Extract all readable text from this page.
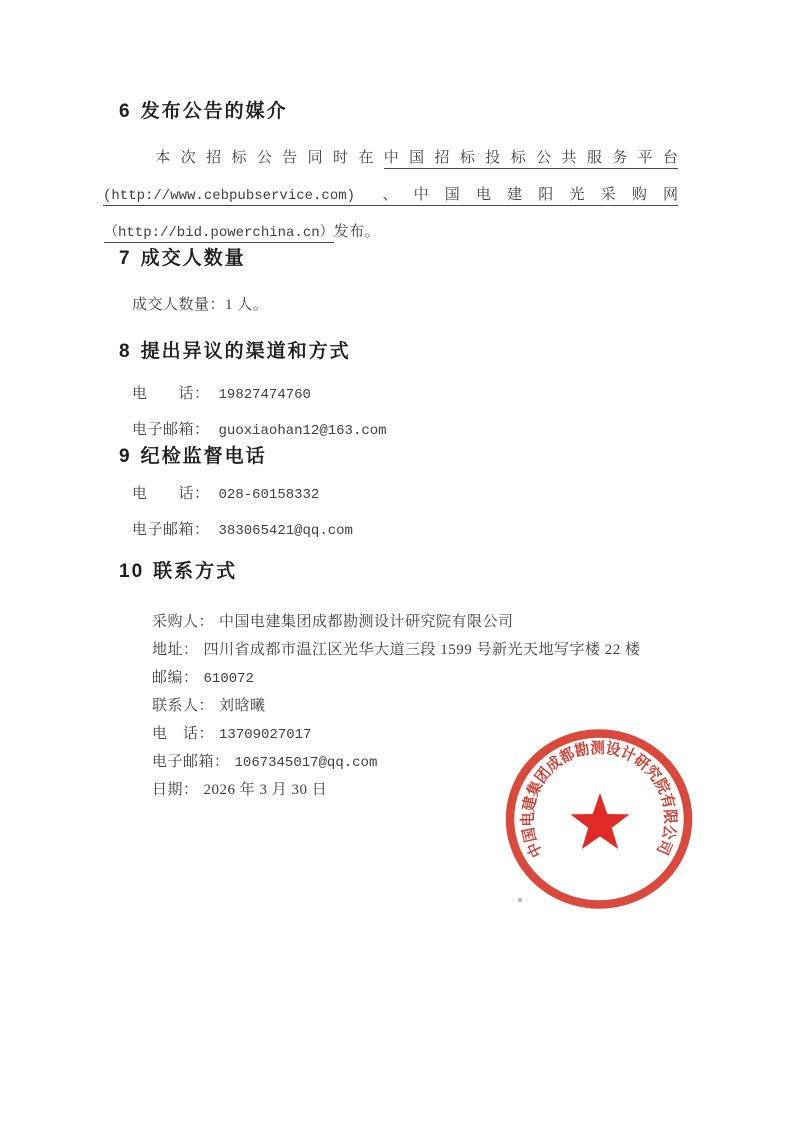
6 发布公告的媒介
本 次 招 标 公 告 同 时 在 中 国 招 标 投 标 公 共 服 务 平 台
(http://www.cebpubservice.com)　、 中 国 电 建 阳 光 采 购 网
（http://bid.powerchina.cn）发布。
7 成交人数量
成交人数量：1 人。
8 提出异议的渠道和方式
电　　话： 19827474760
电子邮箱： guoxiaohan12@163.com
9 纪检监督电话
电　　话： 028-60158332
电子邮箱： 383065421@qq.com
10 联系方式
采购人： 中国电建集团成都勘测设计研究院有限公司
地址： 四川省成都市温江区光华大道三段 1599 号新光天地写字楼 22 楼
邮编： 610072
联系人： 刘晗曦
电　话： 13709027017
电子邮箱： 1067345017@qq.com
日期： 2026 年 3 月 30 日
中国电建集团成都勘测设计研究院有限公司
